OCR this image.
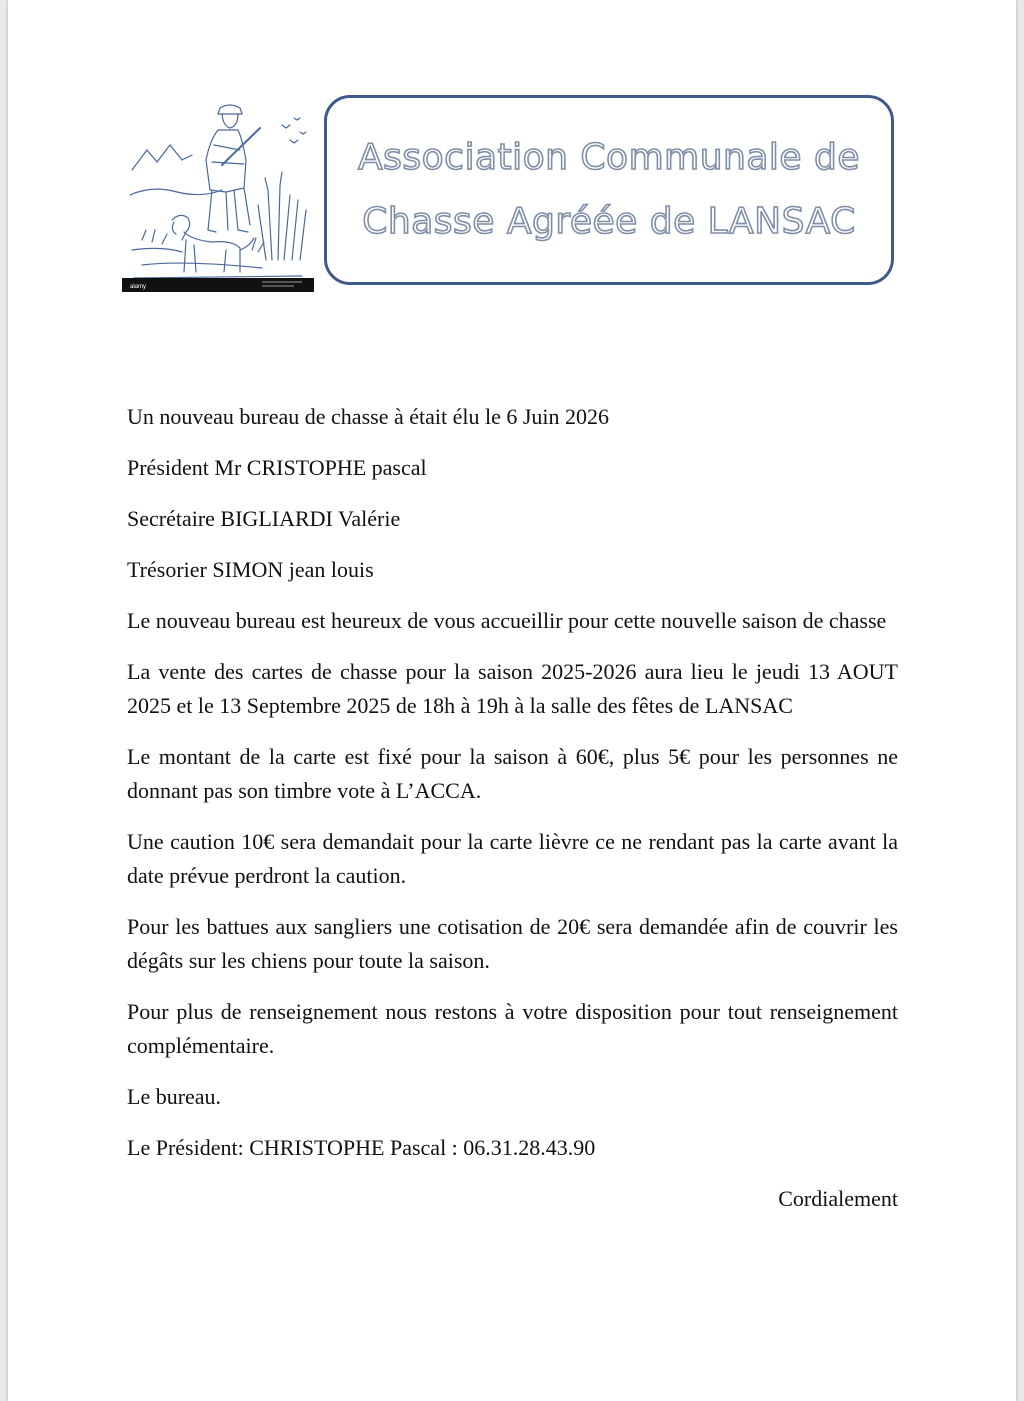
alamy
Association Communale de
Chasse Agréée de LANSAC

Un nouveau bureau de chasse à était élu le 6 Juin 2026

Président Mr CRISTOPHE pascal

Secrétaire BIGLIARDI Valérie

Trésorier SIMON jean louis

Le nouveau bureau est heureux de vous accueillir pour cette nouvelle saison de chasse

La vente des cartes de chasse pour la saison 2025-2026 aura lieu le jeudi 13 AOUT 2025 et le 13 Septembre 2025 de 18h à 19h à la salle des fêtes de LANSAC

Le montant de la carte est fixé pour la saison à 60€, plus 5€ pour les personnes ne donnant pas son timbre vote à L’ACCA.

Une caution 10€ sera demandait pour la carte lièvre ce ne rendant pas la carte avant la date prévue perdront la caution.

Pour les battues aux sangliers une cotisation de 20€ sera demandée afin de couvrir les dégâts sur les chiens pour toute la saison.

Pour plus de renseignement nous restons à votre disposition pour tout renseignement complémentaire.

Le bureau.

Le Président: CHRISTOPHE Pascal : 06.31.28.43.90

Cordialement
